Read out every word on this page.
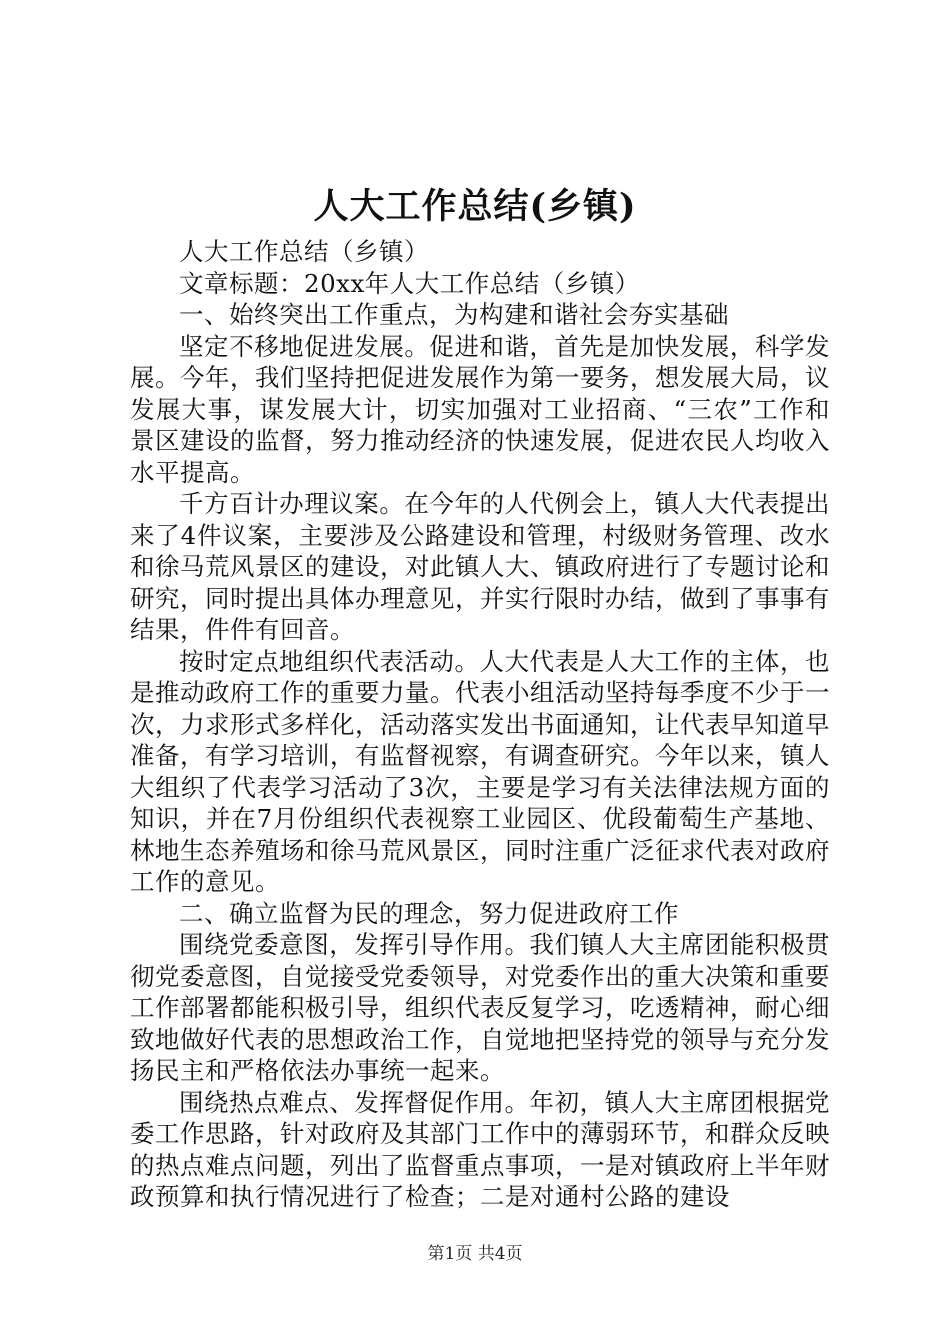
人大工作总结(乡镇)

人大工作总结（乡镇）

文章标题：20xx年人大工作总结（乡镇）

一、始终突出工作重点，为构建和谐社会夯实基础

坚定不移地促进发展。促进和谐，首先是加快发展，科学发展。今年，我们坚持把促进发展作为第一要务，想发展大局，议发展大事，谋发展大计，切实加强对工业招商、“三农”工作和景区建设的监督，努力推动经济的快速发展，促进农民人均收入水平提高。

千方百计办理议案。在今年的人代例会上，镇人大代表提出来了4件议案，主要涉及公路建设和管理，村级财务管理、改水和徐马荒风景区的建设，对此镇人大、镇政府进行了专题讨论和研究，同时提出具体办理意见，并实行限时办结，做到了事事有结果，件件有回音。

按时定点地组织代表活动。人大代表是人大工作的主体，也是推动政府工作的重要力量。代表小组活动坚持每季度不少于一次，力求形式多样化，活动落实发出书面通知，让代表早知道早准备，有学习培训，有监督视察，有调查研究。今年以来，镇人大组织了代表学习活动了3次，主要是学习有关法律法规方面的知识，并在7月份组织代表视察工业园区、优段葡萄生产基地、林地生态养殖场和徐马荒风景区，同时注重广泛征求代表对政府工作的意见。

二、确立监督为民的理念，努力促进政府工作

围绕党委意图，发挥引导作用。我们镇人大主席团能积极贯彻党委意图，自觉接受党委领导，对党委作出的重大决策和重要工作部署都能积极引导，组织代表反复学习，吃透精神，耐心细致地做好代表的思想政治工作，自觉地把坚持党的领导与充分发扬民主和严格依法办事统一起来。

围绕热点难点、发挥督促作用。年初，镇人大主席团根据党委工作思路，针对政府及其部门工作中的薄弱环节，和群众反映的热点难点问题，列出了监督重点事项，一是对镇政府上半年财政预算和执行情况进行了检查；二是对通村公路的建设

第1页 共4页
